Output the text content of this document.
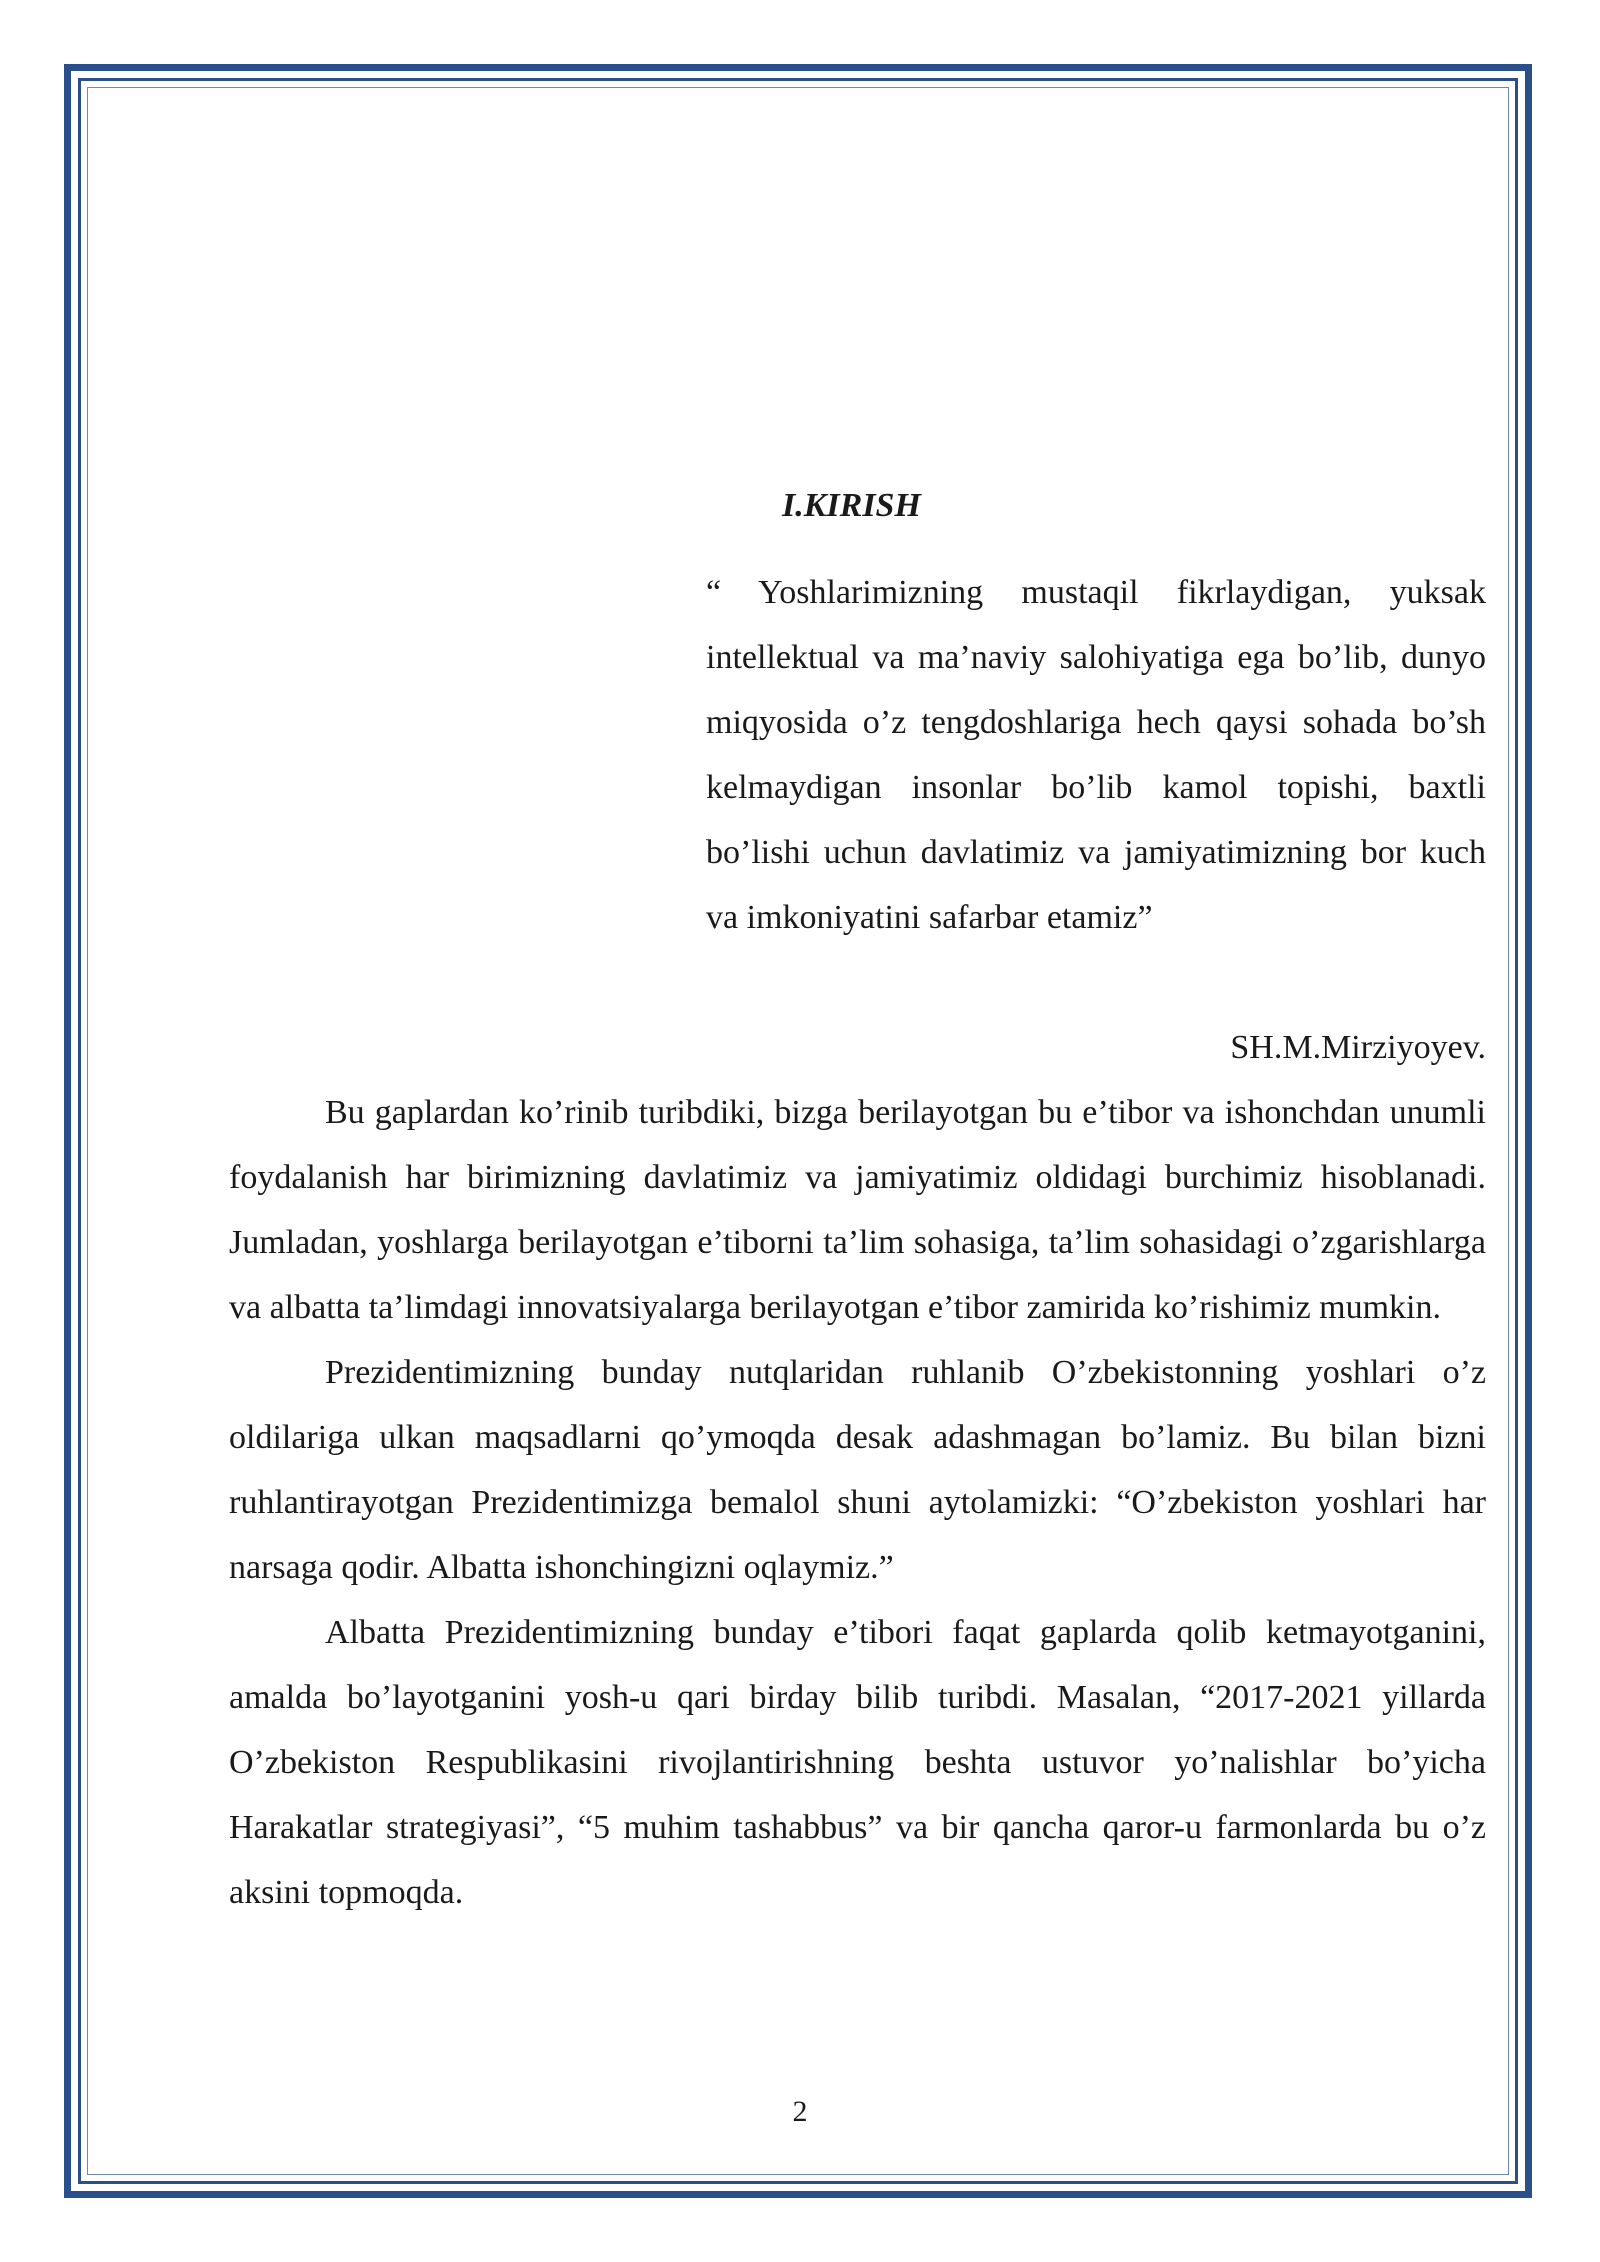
I.KIRISH

“ Yoshlarimizning mustaqil fikrlaydigan, yuksak intellektual va ma’naviy salohiyatiga ega bo’lib, dunyo miqyosida o’z tengdoshlariga hech qaysi sohada bo’sh kelmaydigan insonlar bo’lib kamol topishi, baxtli bo’lishi uchun davlatimiz va jamiyatimizning bor kuch va imkoniyatini safarbar etamiz”

SH.M.Mirziyoyev.

Bu gaplardan ko’rinib turibdiki, bizga berilayotgan bu e’tibor va ishonchdan unumli foydalanish har birimizning davlatimiz va jamiyatimiz oldidagi burchimiz hisoblanadi. Jumladan, yoshlarga berilayotgan e’tiborni ta’lim sohasiga, ta’lim sohasidagi o’zgarishlarga va albatta ta’limdagi innovatsiyalarga berilayotgan e’tibor zamirida ko’rishimiz mumkin.

Prezidentimizning bunday nutqlaridan ruhlanib O’zbekistonning yoshlari o’z oldilariga ulkan maqsadlarni qo’ymoqda desak adashmagan bo’lamiz. Bu bilan bizni ruhlantirayotgan Prezidentimizga bemalol shuni aytolamizki: “O’zbekiston yoshlari har narsaga qodir. Albatta ishonchingizni oqlaymiz.”

Albatta Prezidentimizning bunday e’tibori faqat gaplarda qolib ketmayotganini, amalda bo’layotganini yosh-u qari birday bilib turibdi. Masalan, “2017-2021 yillarda O’zbekiston Respublikasini rivojlantirishning beshta ustuvor yo’nalishlar bo’yicha Harakatlar strategiyasi”, “5 muhim tashabbus” va bir qancha qaror-u farmonlarda bu o’z aksini topmoqda.

2
